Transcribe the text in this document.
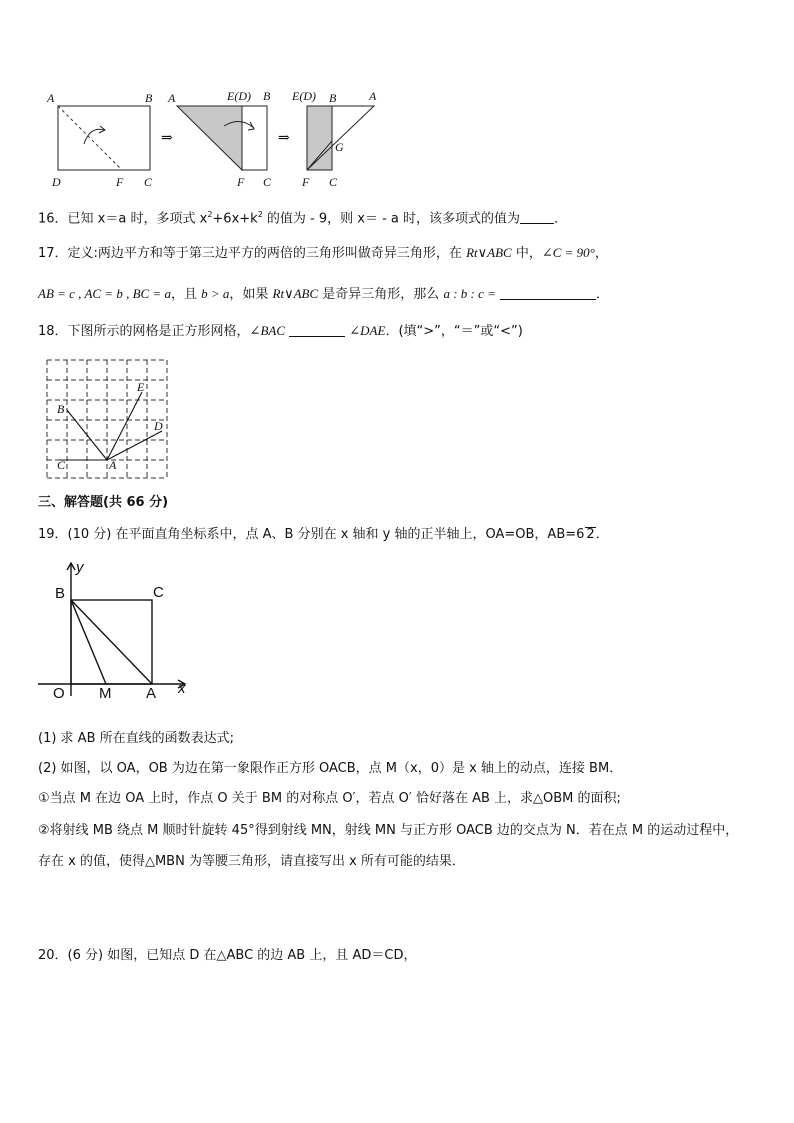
A	B
D	F C
⇒
A	E(D) B
F C
⇒
E(D) B	A
G
F C
16．已知 x＝a 时，多项式 $x^2+6x+k^2$ 的值为 - 9，则 x＝ - a 时，该多项式的值为	．
17．定义:两边平方和等于第三边平方的两倍的三角形叫做奇异三角形，在 Rt∨ABC 中，∠C = 90°，
AB = c , AC = b , BC = a，且 b > a，如果 Rt∨ABC 是奇异三角形，那么 a : b : c =	．
18．下图所示的网格是正方形网格，∠BAC	∠DAE．(填“>”，“＝”或“<”)
B
E
D
C	A
三、解答题(共 66 分)
19．(10 分) 在平面直角坐标系中，点 A、B 分别在 x 轴和 y 轴的正半轴上，OA=OB，AB=6 2．
y
x
B	C
O M A
(1) 求 AB 所在直线的函数表达式;
(2) 如图，以 OA，OB 为边在第一象限作正方形 OACB，点 M（x，0）是 x 轴上的动点，连接 BM．
①当点 M 在边 OA 上时，作点 O 关于 BM 的对称点 O′，若点 O′ 恰好落在 AB 上，求△OBM 的面积;
②将射线 MB 绕点 M 顺时针旋转 45°得到射线 MN，射线 MN 与正方形 OACB 边的交点为 N．若在点 M 的运动过程中，
存在 x 的值，使得△MBN 为等腰三角形，请直接写出 x 所有可能的结果．
20．(6 分) 如图，已知点 D 在△ABC 的边 AB 上，且 AD＝CD，
